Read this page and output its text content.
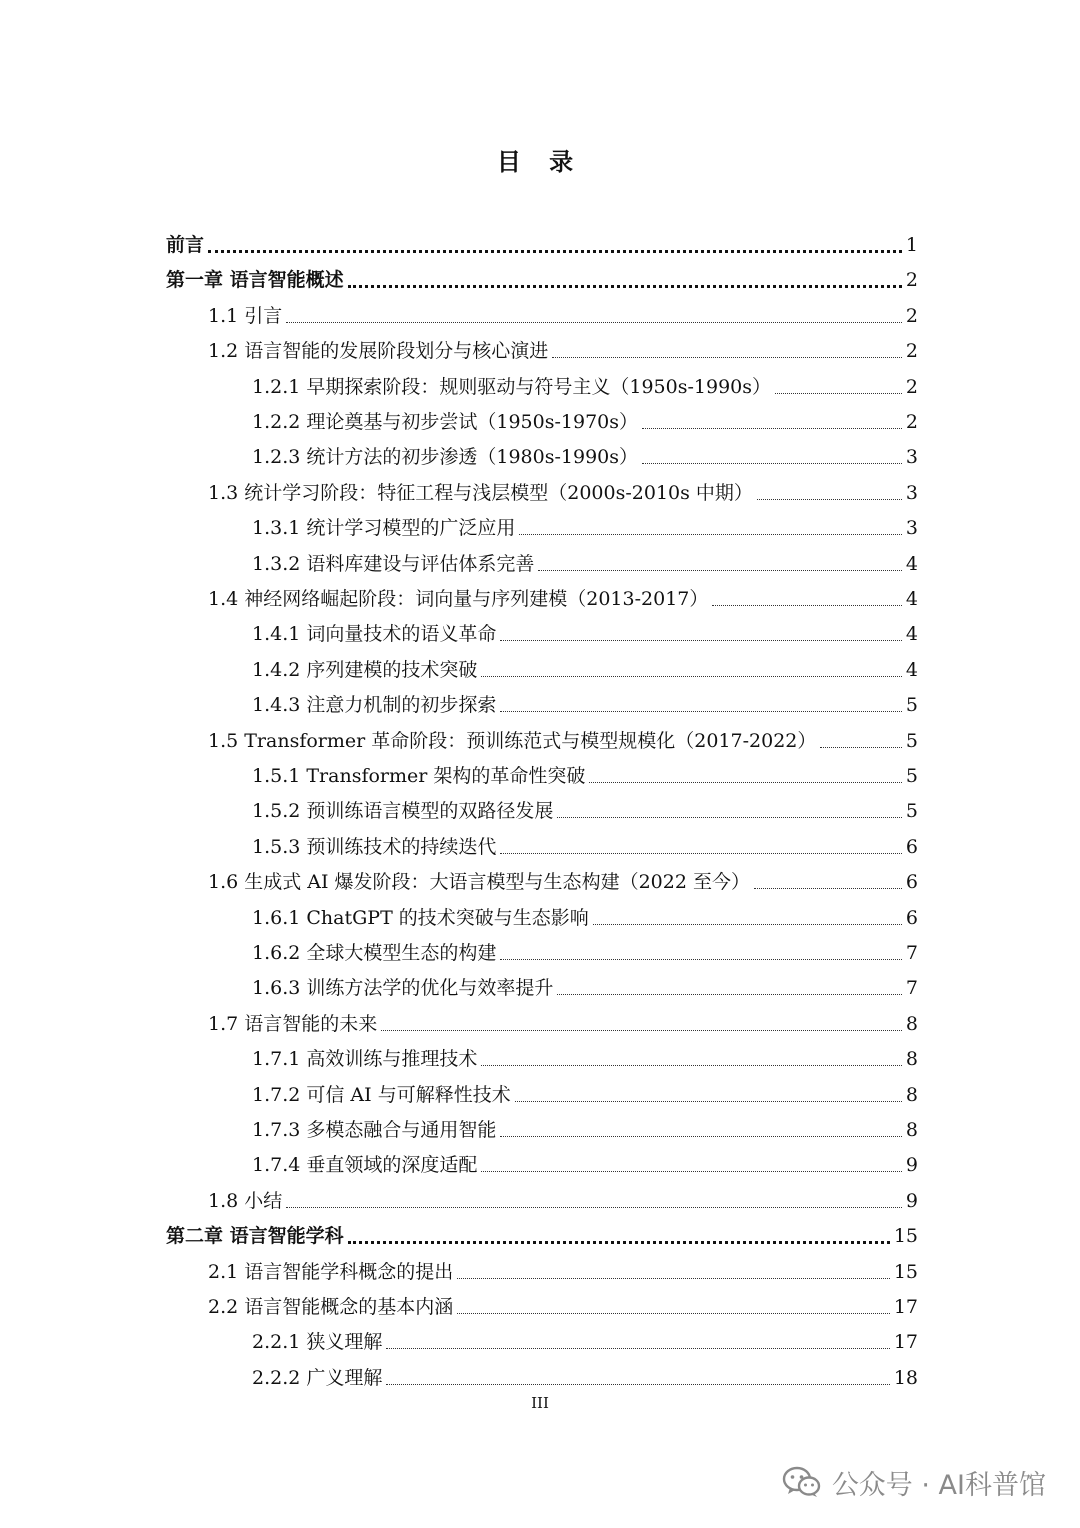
目 录
前言	1
第一章 语言智能概述	2
1.1 引言	2
1.2 语言智能的发展阶段划分与核心演进	2
1.2.1 早期探索阶段：规则驱动与符号主义（1950s-1990s）	2
1.2.2 理论奠基与初步尝试（1950s-1970s）	2
1.2.3 统计方法的初步渗透（1980s-1990s）	3
1.3 统计学习阶段：特征工程与浅层模型（2000s-2010s 中期）	3
1.3.1 统计学习模型的广泛应用	3
1.3.2 语料库建设与评估体系完善	4
1.4 神经网络崛起阶段：词向量与序列建模（2013-2017）	4
1.4.1 词向量技术的语义革命	4
1.4.2 序列建模的技术突破	4
1.4.3 注意力机制的初步探索	5
1.5 Transformer 革命阶段：预训练范式与模型规模化（2017-2022）	5
1.5.1 Transformer 架构的革命性突破	5
1.5.2 预训练语言模型的双路径发展	5
1.5.3 预训练技术的持续迭代	6
1.6 生成式 AI 爆发阶段：大语言模型与生态构建（2022 至今）	6
1.6.1 ChatGPT 的技术突破与生态影响	6
1.6.2 全球大模型生态的构建	7
1.6.3 训练方法学的优化与效率提升	7
1.7 语言智能的未来	8
1.7.1 高效训练与推理技术	8
1.7.2 可信 AI 与可解释性技术	8
1.7.3 多模态融合与通用智能	8
1.7.4 垂直领域的深度适配	9
1.8 小结	9
第二章 语言智能学科	15
2.1 语言智能学科概念的提出	15
2.2 语言智能概念的基本内涵	17
2.2.1 狭义理解	17
2.2.2 广义理解	18
III
公众号 · AI科普馆
